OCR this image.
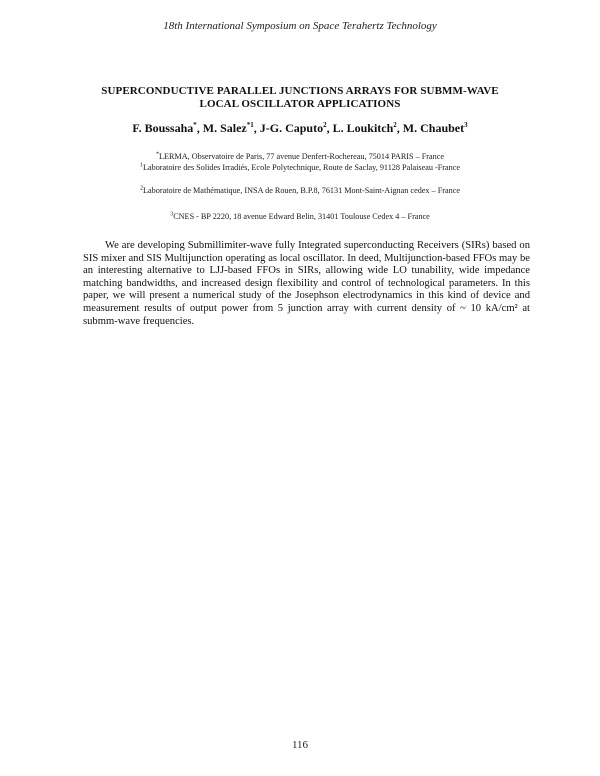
18th International Symposium on Space Terahertz Technology
SUPERCONDUCTIVE PARALLEL JUNCTIONS ARRAYS FOR SUBMM-WAVE
LOCAL OSCILLATOR APPLICATIONS
F. Boussaha*, M. Salez$^{*1}$, J-G. Caputo$^2$, L. Loukitch$^2$, M. Chaubet$^3$
*LERMA, Observatoire de Paris, 77 avenue Denfert-Rochereau, 75014 PARIS – France
$^1$Laboratoire des Solides Irradiés, Ecole Polytechnique, Route de Saclay, 91128 Palaiseau -France
$^2$Laboratoire de Mathématique, INSA de Rouen, B.P.8, 76131 Mont-Saint-Aignan cedex – France
$^3$CNES - BP 2220, 18 avenue Edward Belin, 31401 Toulouse Cedex 4 – France
We are developing Submillimiter-wave fully Integrated superconducting Receivers (SIRs) based on SIS mixer and SIS Multijunction operating as local oscillator. In deed, Multijunction-based FFOs may be an interesting alternative to LJJ-based FFOs in SIRs, allowing wide LO tunability, wide impedance matching bandwidths, and increased design flexibility and control of technological parameters. In this paper, we will present a numerical study of the Josephson electrodynamics in this kind of device and measurement results of output power from 5 junction array with current density of ~ 10 kA/cm² at submm-wave frequencies.
116
